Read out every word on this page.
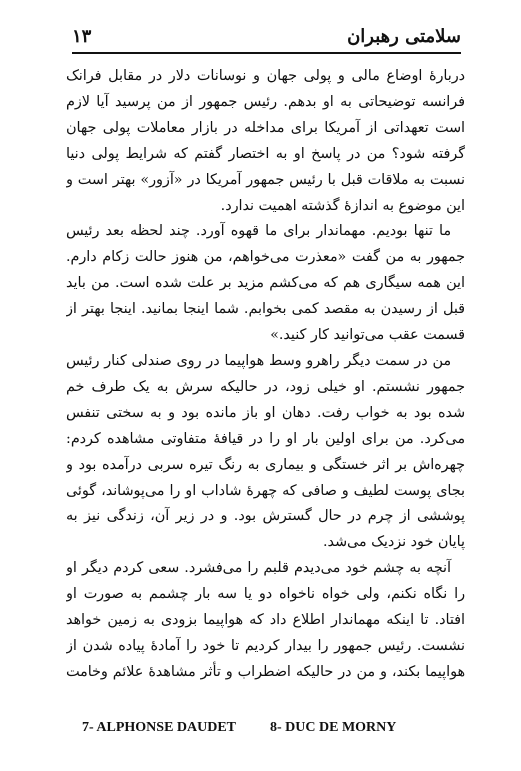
سلامتی رهبران
١٣

دربارهٔ اوضاع مالی و پولی جهان و نوسانات دلار در مقابل فرانک فرانسه توضیحاتی به او بدهم. رئیس جمهور از من پرسید آیا لازم است تعهداتی از آمریکا برای مداخله در بازار معاملات پولی جهان گرفته شود؟ من در پاسخ او به اختصار گفتم که شرایط پولی دنیا نسبت به ملاقات قبل با رئیس جمهور آمریکا در «آزور» بهتر است و این موضوع به اندازهٔ گذشته اهمیت ندارد.

ما تنها بودیم. مهماندار برای ما قهوه آورد. چند لحظه بعد رئیس جمهور به من گفت «معذرت می‌خواهم، من هنوز حالت زکام دارم. این همه سیگاری هم که می‌کشم مزید بر علت شده است. من باید قبل از رسیدن به مقصد کمی بخوابم. شما اینجا بمانید. اینجا بهتر از قسمت عقب می‌توانید کار کنید.»

من در سمت دیگر راهرو وسط هواپیما در روی صندلی کنار رئیس جمهور نشستم. او خیلی زود، در حالیکه سرش به یک طرف خم شده بود به خواب رفت. دهان او باز مانده بود و به سختی تنفس می‌کرد. من برای اولین بار او را در قیافهٔ متفاوتی مشاهده کردم: چهره‌اش بر اثر خستگی و بیماری به رنگ تیره سربی درآمده بود و بجای پوست لطیف و صافی که چهرهٔ شاداب او را می‌پوشاند، گوئی پوششی از چرم در حال گسترش بود. و در زیر آن، زندگی نیز به پایان خود نزدیک می‌شد.

آنچه به چشم خود می‌دیدم قلبم را می‌فشرد. سعی کردم دیگر او را نگاه نکنم، ولی خواه ناخواه دو یا سه بار چشمم به صورت او افتاد. تا اینکه مهماندار اطلاع داد که هواپیما بزودی به زمین خواهد نشست. رئیس جمهور را بیدار کردیم تا خود را آمادهٔ پیاده شدن از هواپیما بکند، و من در حالیکه اضطراب و تأثر مشاهدهٔ علائم وخامت

7- ALPHONSE DAUDET 8- DUC DE MORNY
